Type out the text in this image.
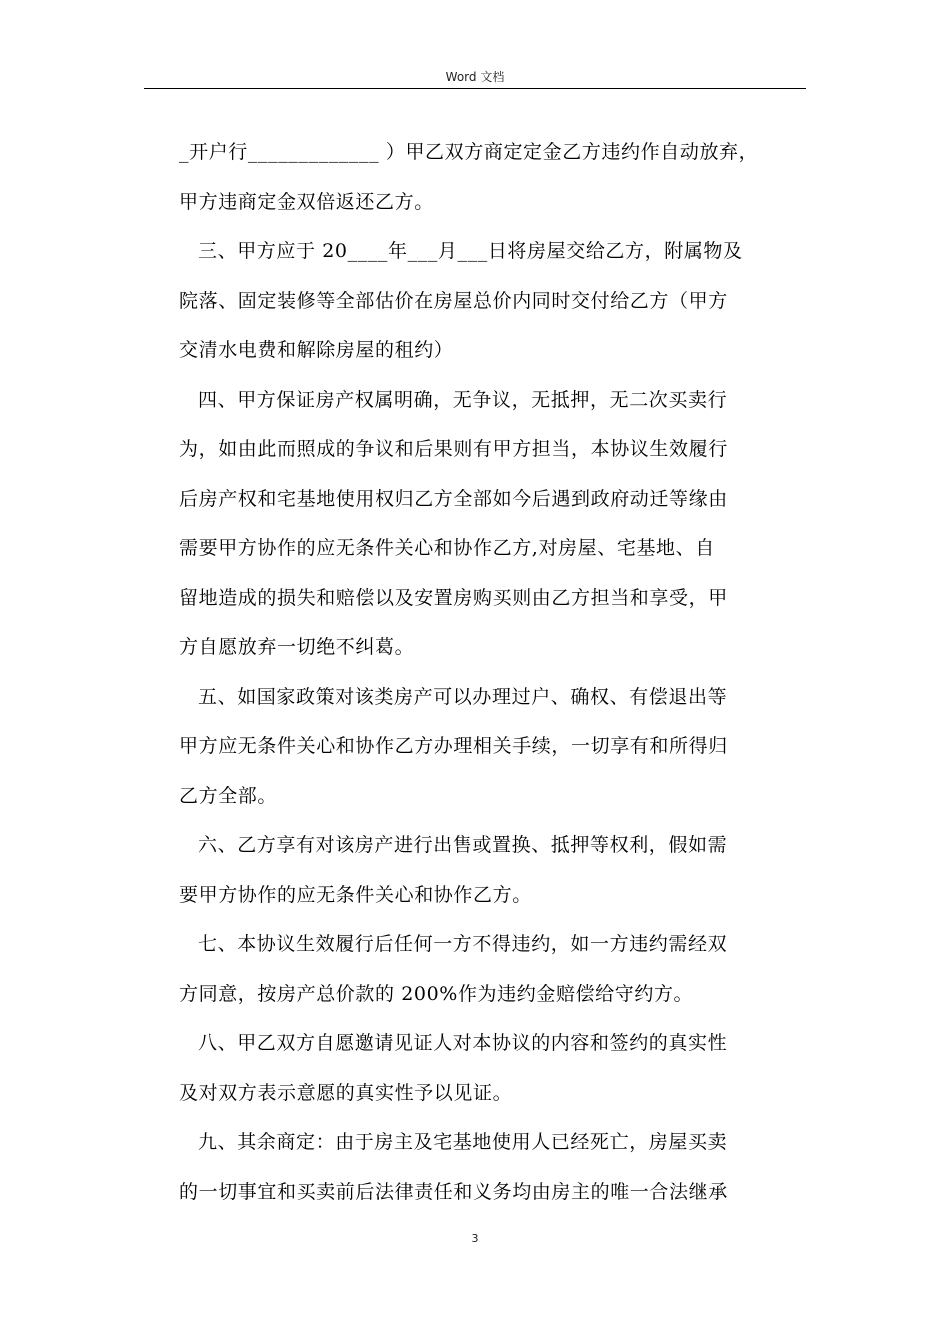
Word 文档
_开户行_____________ ）甲乙双方商定定金乙方违约作自动放弃，
甲方违商定金双倍返还乙方。
三、甲方应于 20____年___月___日将房屋交给乙方，附属物及
院落、固定装修等全部估价在房屋总价内同时交付给乙方（甲方
交清水电费和解除房屋的租约）
四、甲方保证房产权属明确，无争议，无抵押，无二次买卖行
为，如由此而照成的争议和后果则有甲方担当，本协议生效履行
后房产权和宅基地使用权归乙方全部如今后遇到政府动迁等缘由
需要甲方协作的应无条件关心和协作乙方,对房屋、宅基地、自
留地造成的损失和赔偿以及安置房购买则由乙方担当和享受，甲
方自愿放弃一切绝不纠葛。
五、如国家政策对该类房产可以办理过户、确权、有偿退出等
甲方应无条件关心和协作乙方办理相关手续，一切享有和所得归
乙方全部。
六、乙方享有对该房产进行出售或置换、抵押等权利，假如需
要甲方协作的应无条件关心和协作乙方。
七、本协议生效履行后任何一方不得违约，如一方违约需经双
方同意，按房产总价款的 200%作为违约金赔偿给守约方。
八、甲乙双方自愿邀请见证人对本协议的内容和签约的真实性
及对双方表示意愿的真实性予以见证。
九、其余商定：由于房主及宅基地使用人已经死亡，房屋买卖
的一切事宜和买卖前后法律责任和义务均由房主的唯一合法继承
3
